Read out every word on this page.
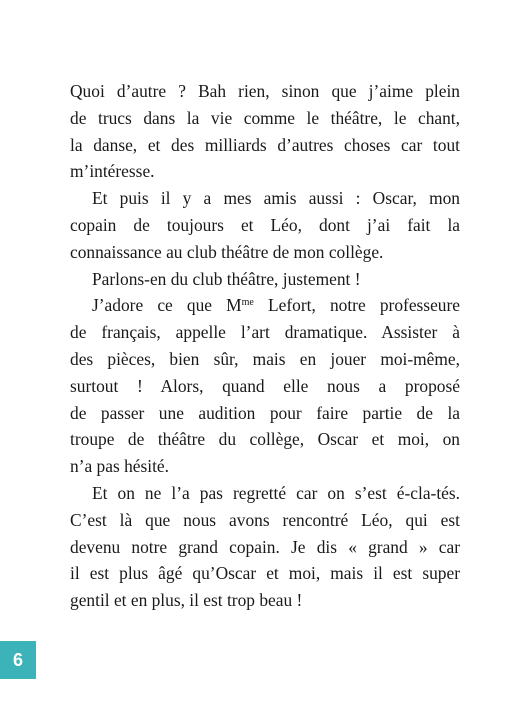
Quoi d’autre ? Bah rien, sinon que j’aime plein
de trucs dans la vie comme le théâtre, le chant,
la danse, et des milliards d’autres choses car tout
m’intéresse.
Et puis il y a mes amis aussi : Oscar, mon
copain de toujours et Léo, dont j’ai fait la
connaissance au club théâtre de mon collège.
Parlons-en du club théâtre, justement !
J’adore ce que $M^{me}$ Lefort, notre professeure
de français, appelle l’art dramatique. Assister à
des pièces, bien sûr, mais en jouer moi-même,
surtout ! Alors, quand elle nous a proposé
de passer une audition pour faire partie de la
troupe de théâtre du collège, Oscar et moi, on
n’a pas hésité.
Et on ne l’a pas regretté car on s’est é-cla-tés.
C’est là que nous avons rencontré Léo, qui est
devenu notre grand copain. Je dis « grand » car
il est plus âgé qu’Oscar et moi, mais il est super
gentil et en plus, il est trop beau !
6
